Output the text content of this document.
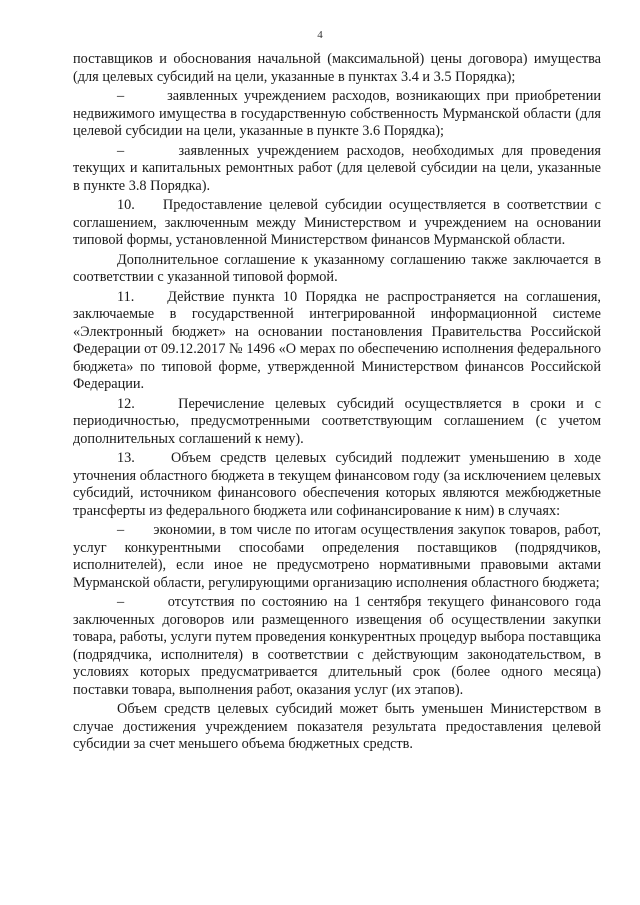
4

поставщиков и обоснования начальной (максимальной) цены договора) имущества (для целевых субсидий на цели, указанные в пунктах 3.4 и 3.5 Порядка);

–       заявленных учреждением расходов, возникающих при приобретении недвижимого имущества в государственную собственность Мурманской области (для целевой субсидии на цели, указанные в пункте 3.6 Порядка);

–       заявленных учреждением расходов, необходимых для проведения текущих и капитальных ремонтных работ (для целевой субсидии на цели, указанные в пункте 3.8 Порядка).

10.    Предоставление целевой субсидии осуществляется в соответствии с соглашением, заключенным между Министерством и учреждением на основании типовой формы, установленной Министерством финансов Мурманской области.

Дополнительное соглашение к указанному соглашению также заключается в соответствии с указанной типовой формой.

11.    Действие пункта 10 Порядка не распространяется на соглашения, заключаемые в государственной интегрированной информационной системе «Электронный бюджет» на основании постановления Правительства Российской Федерации от 09.12.2017 № 1496 «О мерах по обеспечению исполнения федерального бюджета» по типовой форме, утвержденной Министерством финансов Российской Федерации.

12.    Перечисление целевых субсидий осуществляется в сроки и с периодичностью, предусмотренными соответствующим соглашением (с учетом дополнительных соглашений к нему).

13.    Объем средств целевых субсидий подлежит уменьшению в ходе уточнения областного бюджета в текущем финансовом году (за исключением целевых субсидий, источником финансового обеспечения которых являются межбюджетные трансферты из федерального бюджета или софинансирование к ним) в случаях:

–       экономии, в том числе по итогам осуществления закупок товаров, работ, услуг конкурентными способами определения поставщиков (подрядчиков, исполнителей), если иное не предусмотрено нормативными правовыми актами Мурманской области, регулирующими организацию исполнения областного бюджета;

–       отсутствия по состоянию на 1 сентября текущего финансового года заключенных договоров или размещенного извещения об осуществлении закупки товара, работы, услуги путем проведения конкурентных процедур выбора поставщика (подрядчика, исполнителя) в соответствии с действующим законодательством, в условиях которых предусматривается длительный срок (более одного месяца) поставки товара, выполнения работ, оказания услуг (их этапов).

Объем средств целевых субсидий может быть уменьшен Министерством в случае достижения учреждением показателя результата предоставления целевой субсидии за счет меньшего объема бюджетных средств.
